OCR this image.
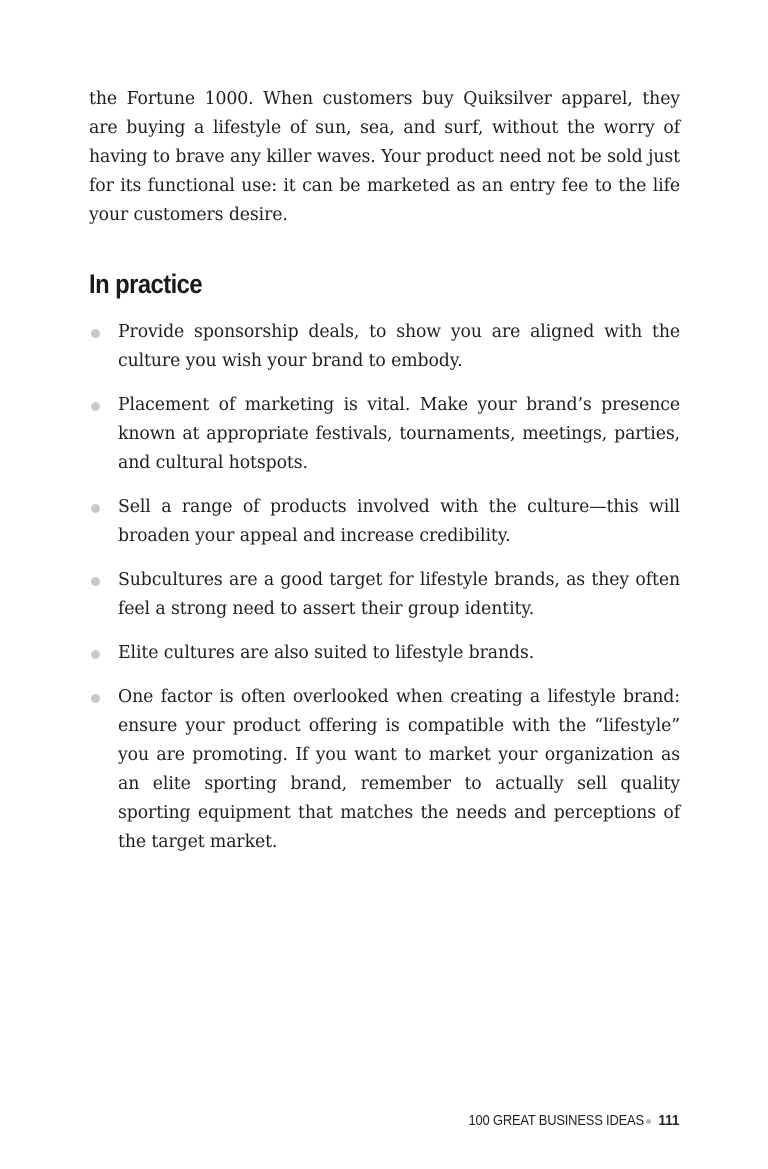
the Fortune 1000. When customers buy Quiksilver apparel, they are buying a lifestyle of sun, sea, and surf, without the worry of having to brave any killer waves. Your product need not be sold just for its functional use: it can be marketed as an entry fee to the life your customers desire.

In practice
Provide sponsorship deals, to show you are aligned with the culture you wish your brand to embody.
Placement of marketing is vital. Make your brand’s presence known at appropriate festivals, tournaments, meetings, parties, and cultural hotspots.
Sell a range of products involved with the culture—this will broaden your appeal and increase credibility.
Subcultures are a good target for lifestyle brands, as they often feel a strong need to assert their group identity.
Elite cultures are also suited to lifestyle brands.
One factor is often overlooked when creating a lifestyle brand: ensure your product offering is compatible with the “lifestyle” you are promoting. If you want to market your organization as an elite sporting brand, remember to actually sell quality sporting equipment that matches the needs and perceptions of the target market.
100 GREAT BUSINESS IDEAS 111
